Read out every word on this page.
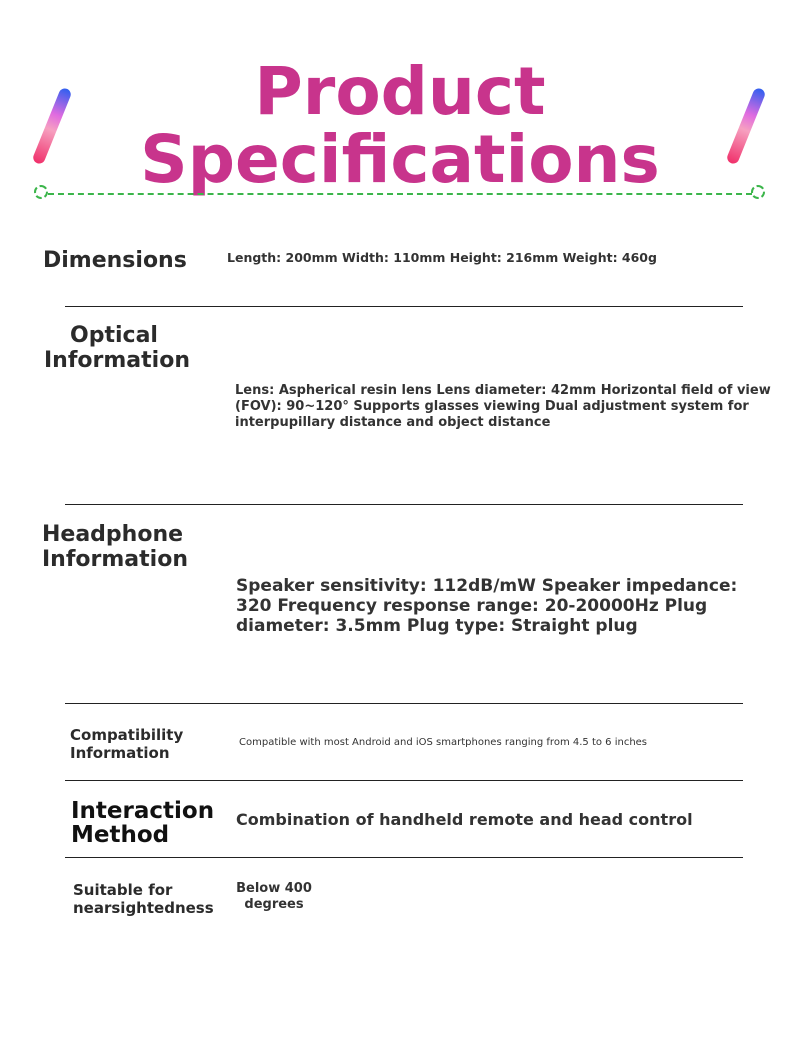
Product
Specifications
Dimensions	Length: 200mm Width: 110mm Height: 216mm Weight: 460g
Optical
Information
Lens: Aspherical resin lens Lens diameter: 42mm Horizontal field of view (FOV): 90~120° Supports glasses viewing Dual adjustment system for interpupillary distance and object distance
Headphone
Information
Speaker sensitivity: 112dB/mW Speaker impedance: 320 Frequency response range: 20-20000Hz Plug diameter: 3.5mm Plug type: Straight plug
Compatibility
Information
Compatible with most Android and iOS smartphones ranging from 4.5 to 6 inches
Interaction
Method
Combination of handheld remote and head control
Suitable for
nearsightedness
Below 400
degrees
